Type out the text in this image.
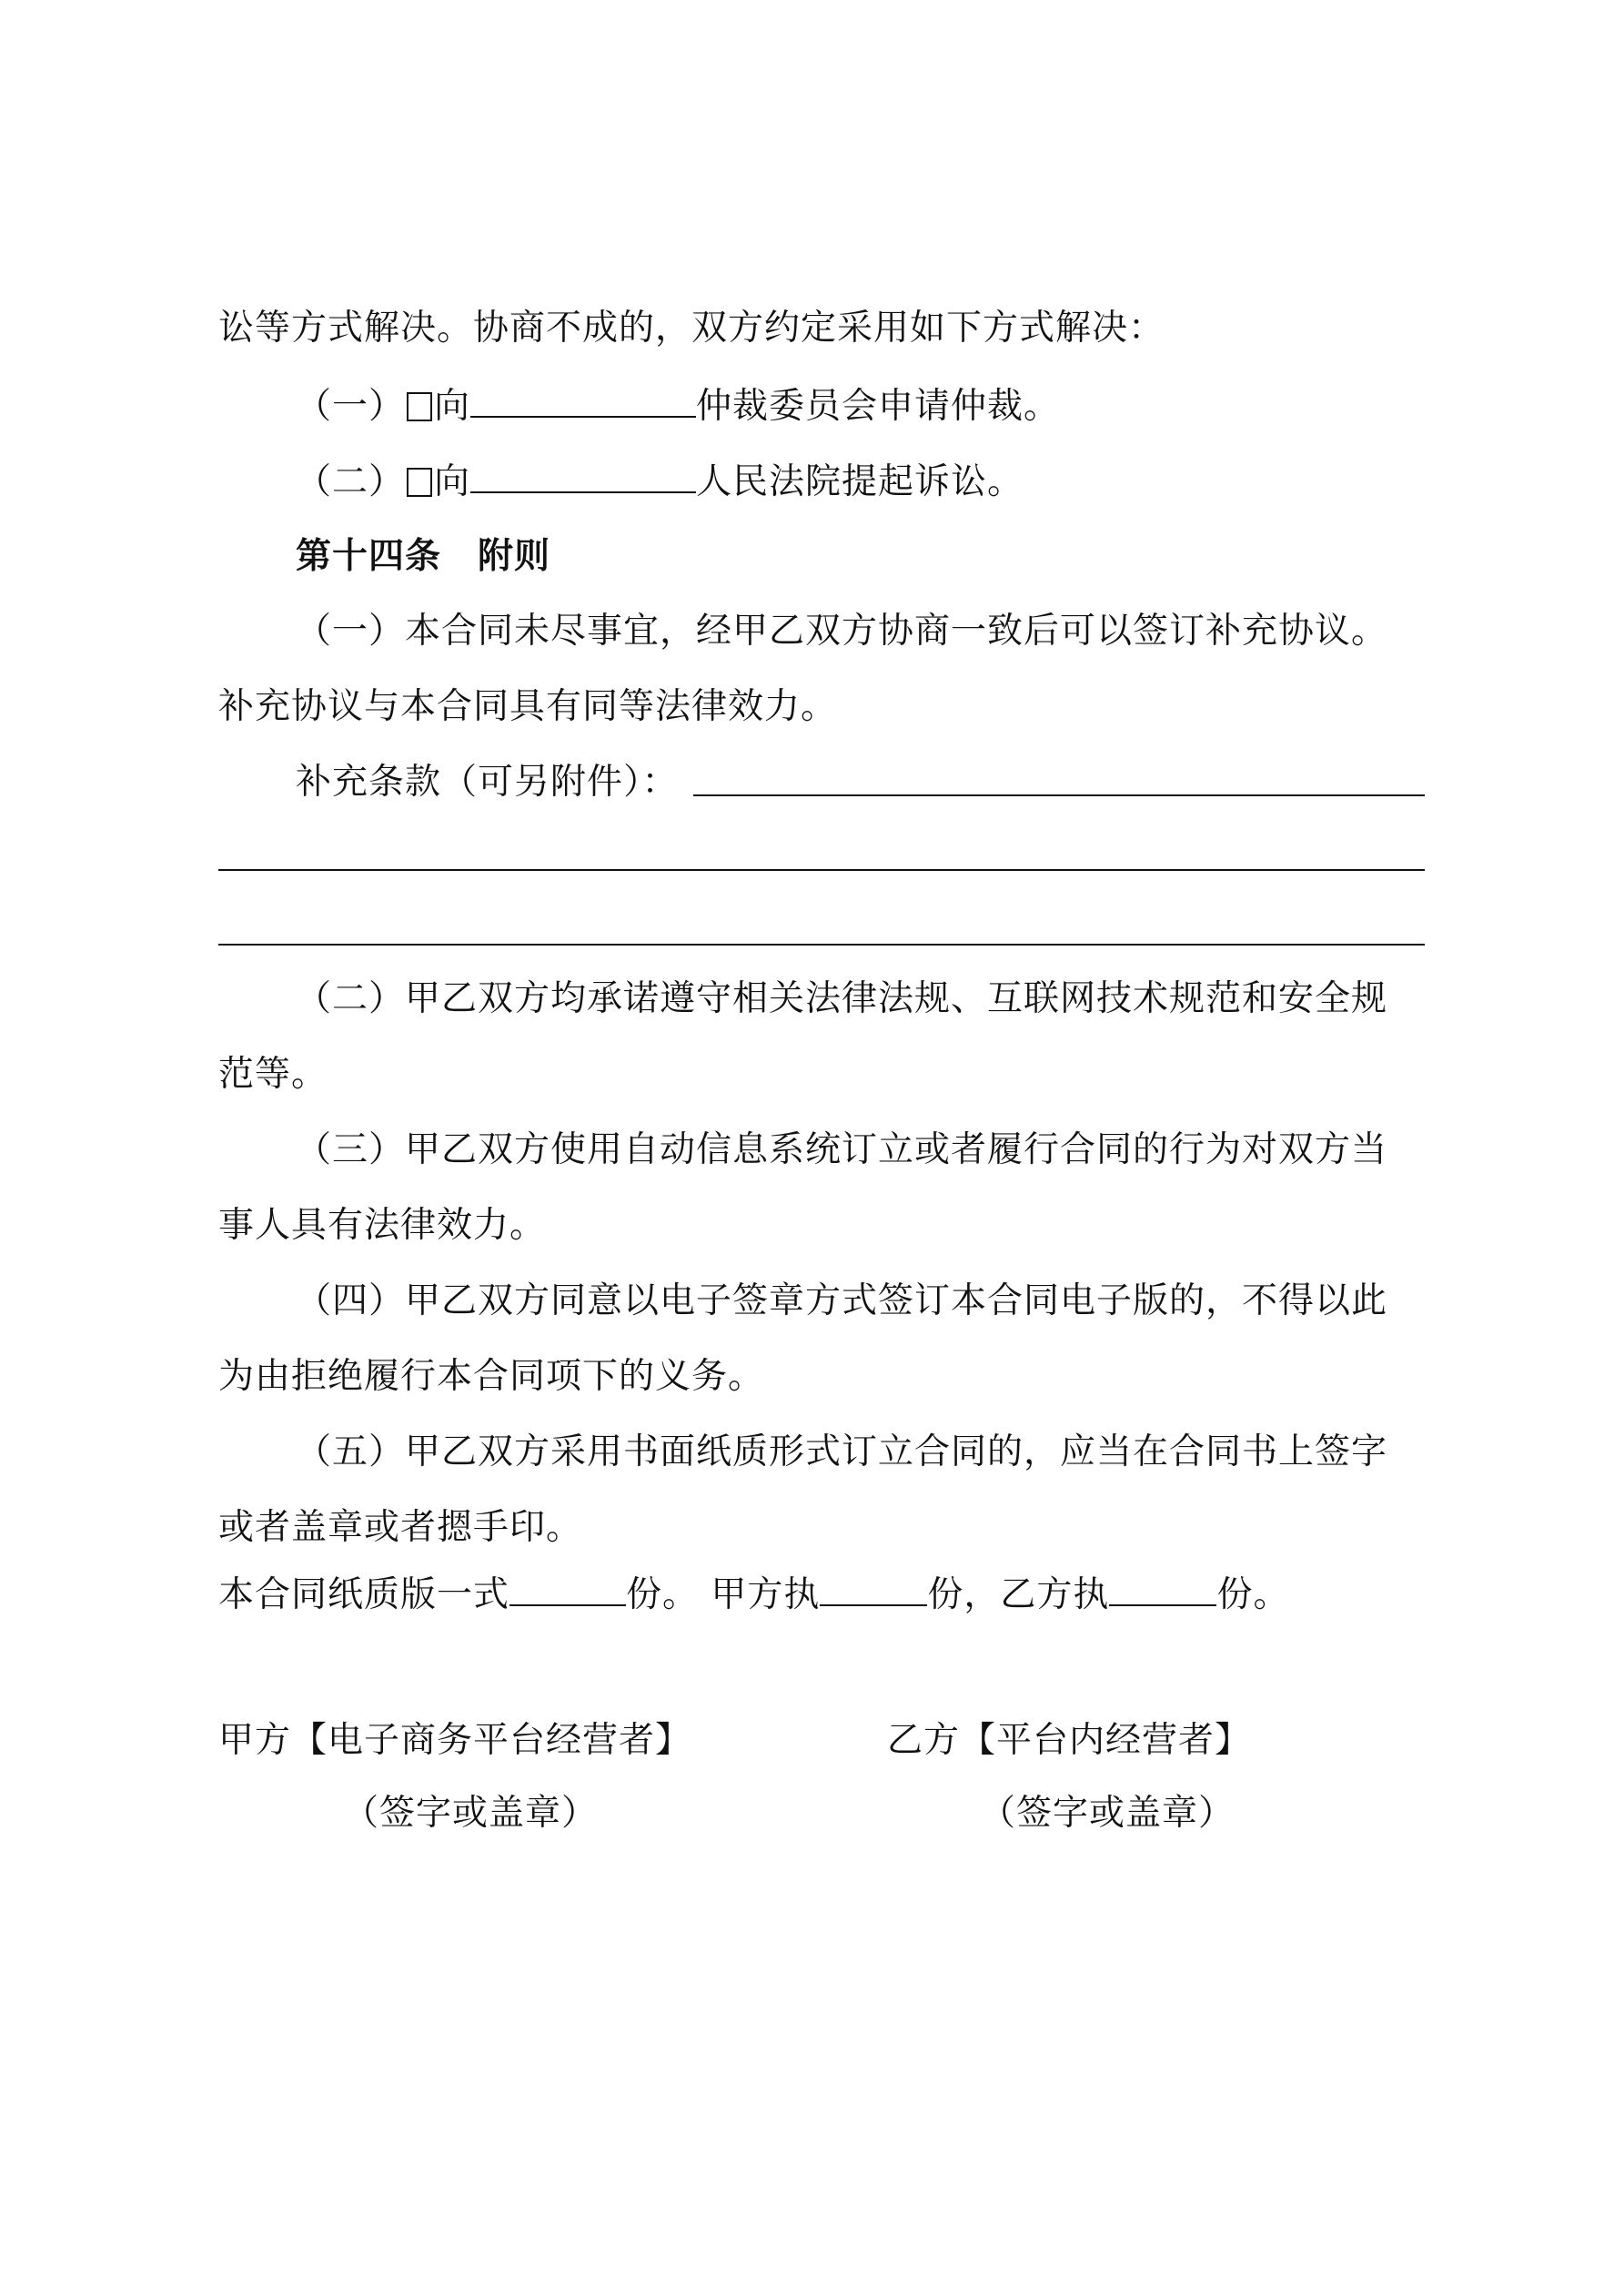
讼等方式解决。协商不成的，双方约定采用如下方式解决：
（一） 向	仲裁委员会申请仲裁。
（二） 向	人民法院提起诉讼。
第十四条　附则
（一）本合同未尽事宜，经甲乙双方协商一致后可以签订补充协议。
补充协议与本合同具有同等法律效力。
补充条款（可另附件）：
（二）甲乙双方均承诺遵守相关法律法规、互联网技术规范和安全规
范等。
（三）甲乙双方使用自动信息系统订立或者履行合同的行为对双方当
事人具有法律效力。
（四）甲乙双方同意以电子签章方式签订本合同电子版的，不得以此
为由拒绝履行本合同项下的义务。
（五）甲乙双方采用书面纸质形式订立合同的，应当在合同书上签字
或者盖章或者摁手印。
本合同纸质版一式	份。 甲方执	份，乙方执	份。
甲方【电子商务平台经营者】
（签字或盖章）
乙方【平台内经营者】
（签字或盖章）
